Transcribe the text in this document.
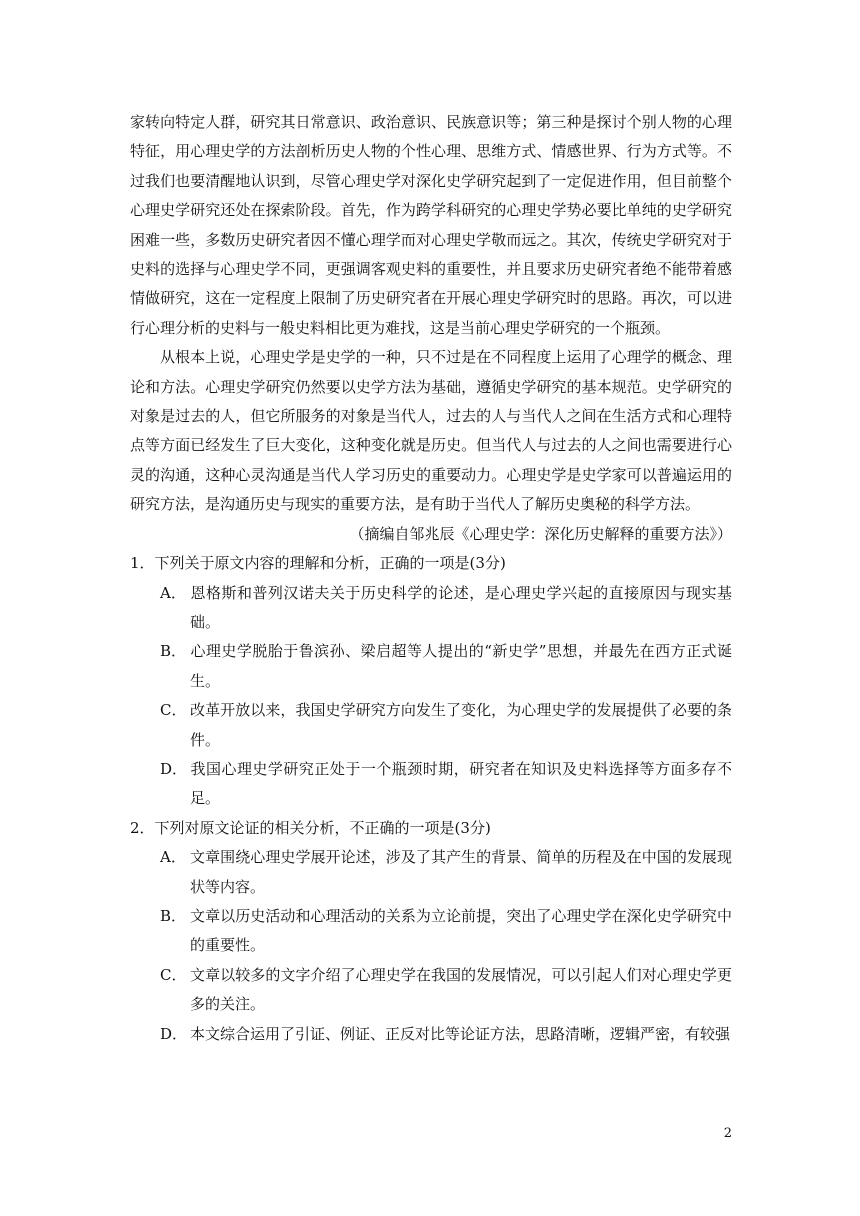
家转向特定人群，研究其日常意识、政治意识、民族意识等；第三种是探讨个别人物的心理特征，用心理史学的方法剖析历史人物的个性心理、思维方式、情感世界、行为方式等。不过我们也要清醒地认识到，尽管心理史学对深化史学研究起到了一定促进作用，但目前整个心理史学研究还处在探索阶段。首先，作为跨学科研究的心理史学势必要比单纯的史学研究困难一些，多数历史研究者因不懂心理学而对心理史学敬而远之。其次，传统史学研究对于史料的选择与心理史学不同，更强调客观史料的重要性，并且要求历史研究者绝不能带着感情做研究，这在一定程度上限制了历史研究者在开展心理史学研究时的思路。再次，可以进行心理分析的史料与一般史料相比更为难找，这是当前心理史学研究的一个瓶颈。

从根本上说，心理史学是史学的一种，只不过是在不同程度上运用了心理学的概念、理论和方法。心理史学研究仍然要以史学方法为基础，遵循史学研究的基本规范。史学研究的对象是过去的人，但它所服务的对象是当代人，过去的人与当代人之间在生活方式和心理特点等方面已经发生了巨大变化，这种变化就是历史。但当代人与过去的人之间也需要进行心灵的沟通，这种心灵沟通是当代人学习历史的重要动力。心理史学是史学家可以普遍运用的研究方法，是沟通历史与现实的重要方法，是有助于当代人了解历史奥秘的科学方法。

（摘编自邹兆辰《心理史学：深化历史解释的重要方法》）

1．下列关于原文内容的理解和分析，正确的一项是(3分)

A． 恩格斯和普列汉诺夫关于历史科学的论述，是心理史学兴起的直接原因与现实基础。

B． 心理史学脱胎于鲁滨孙、梁启超等人提出的“新史学”思想，并最先在西方正式诞生。

C． 改革开放以来，我国史学研究方向发生了变化，为心理史学的发展提供了必要的条件。

D． 我国心理史学研究正处于一个瓶颈时期，研究者在知识及史料选择等方面多存不足。

2．下列对原文论证的相关分析，不正确的一项是(3分)

A． 文章围绕心理史学展开论述，涉及了其产生的背景、简单的历程及在中国的发展现状等内容。

B． 文章以历史活动和心理活动的关系为立论前提，突出了心理史学在深化史学研究中的重要性。

C． 文章以较多的文字介绍了心理史学在我国的发展情况，可以引起人们对心理史学更多的关注。

D． 本文综合运用了引证、例证、正反对比等论证方法，思路清晰，逻辑严密，有较强

2
